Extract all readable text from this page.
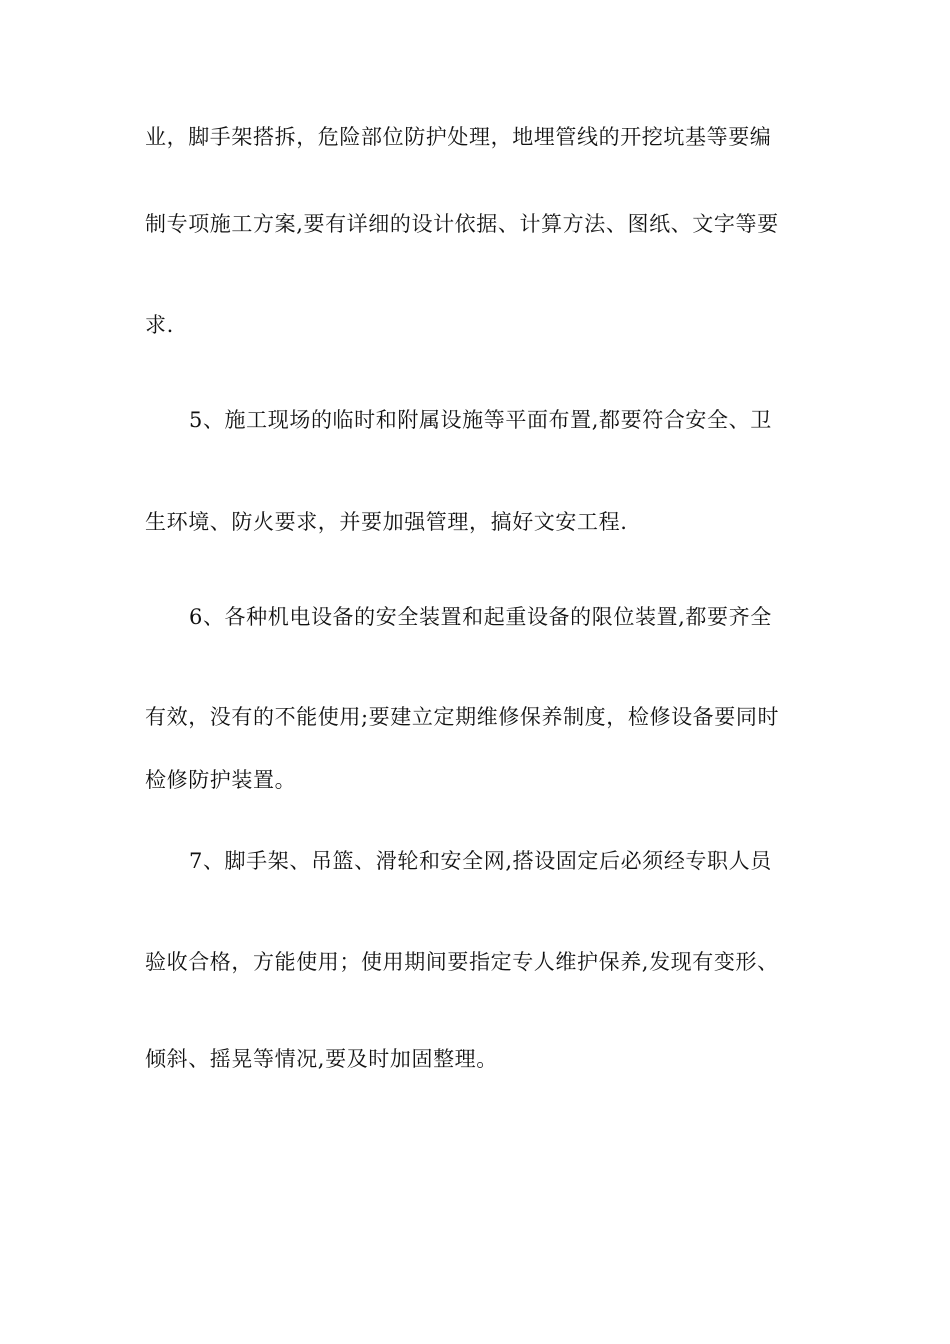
业，脚手架搭拆，危险部位防护处理，地埋管线的开挖坑基等要编
制专项施工方案,要有详细的设计依据、计算方法、图纸、文字等要
求.
5、施工现场的临时和附属设施等平面布置,都要符合安全、卫
生环境、防火要求，并要加强管理，搞好文安工程.
6、各种机电设备的安全装置和起重设备的限位装置,都要齐全
有效，没有的不能使用;要建立定期维修保养制度，检修设备要同时
检修防护装置。
7、脚手架、吊篮、滑轮和安全网,搭设固定后必须经专职人员
验收合格，方能使用；使用期间要指定专人维护保养,发现有变形、
倾斜、摇晃等情况,要及时加固整理。
